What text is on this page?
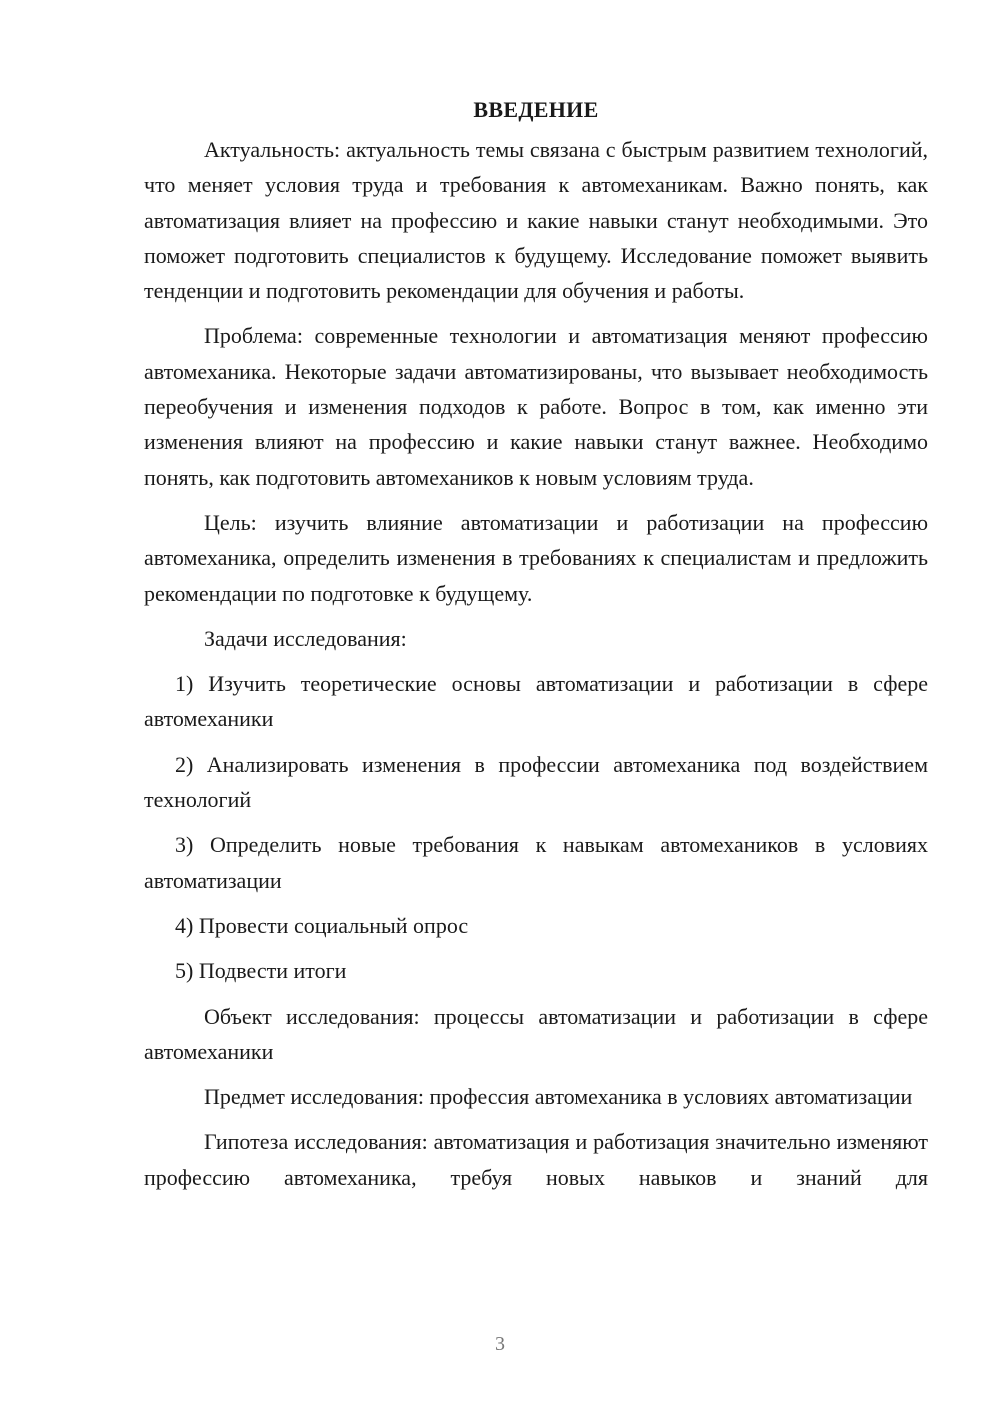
ВВЕДЕНИЕ

Актуальность: актуальность темы связана с быстрым развитием технологий, что меняет условия труда и требования к автомеханикам. Важно понять, как автоматизация влияет на профессию и какие навыки станут необходимыми. Это поможет подготовить специалистов к будущему. Исследование поможет выявить тенденции и подготовить рекомендации для обучения и работы.

Проблема: современные технологии и автоматизация меняют профессию автомеханика. Некоторые задачи автоматизированы, что вызывает необходимость переобучения и изменения подходов к работе. Вопрос в том, как именно эти изменения влияют на профессию и какие навыки станут важнее. Необходимо понять, как подготовить автомехаников к новым условиям труда.

Цель: изучить влияние автоматизации и работизации на профессию автомеханика, определить изменения в требованиях к специалистам и предложить рекомендации по подготовке к будущему.

Задачи исследования:

1) Изучить теоретические основы автоматизации и работизации в сфере автомеханики

2) Анализировать изменения в профессии автомеханика под воздействием технологий

3) Определить новые требования к навыкам автомехаников в условиях автоматизации

4) Провести социальный опрос

5) Подвести итоги

Объект исследования: процессы автоматизации и работизации в сфере автомеханики

Предмет исследования: профессия автомеханика в условиях автоматизации

Гипотеза исследования: автоматизация и работизация значительно изменяют профессию автомеханика, требуя новых навыков и знаний для

3
